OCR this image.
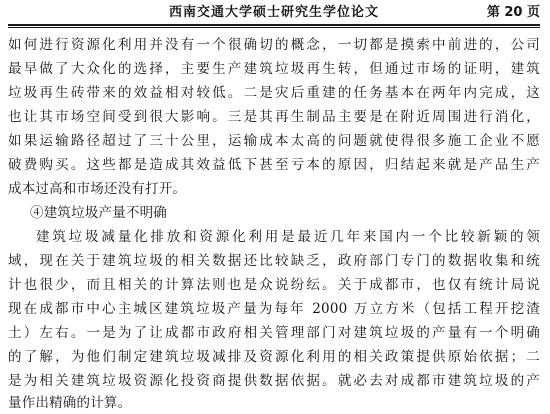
西南交通大学硕士研究生学位论文	第 20 页
如何进行资源化利用并没有一个很确切的概念，一切都是摸索中前进的，公司
最早做了大众化的选择，主要生产建筑垃圾再生转，但通过市场的证明，建筑
垃圾再生砖带来的效益相对较低。二是灾后重建的任务基本在两年内完成，这
也让其市场空间受到很大影响。三是其再生制品主要是在附近周围进行消化，
如果运输路径超过了三十公里，运输成本太高的问题就使得很多施工企业不愿
破费购买。这些都是造成其效益低下甚至亏本的原因，归结起来就是产品生产
成本过高和市场还没有打开。
④建筑垃圾产量不明确
建筑垃圾减量化排放和资源化利用是最近几年来国内一个比较新颖的领
域，现在关于建筑垃圾的相关数据还比较缺乏，政府部门专门的数据收集和统
计也很少，而且相关的计算法则也是众说纷纭。关于成都市，也仅有统计局说
现在成都市中心主城区建筑垃圾产量为每年 2000 万立方米（包括工程开挖渣
土）左右。一是为了让成都市政府相关管理部门对建筑垃圾的产量有一个明确
的了解，为他们制定建筑垃圾减排及资源化利用的相关政策提供原始依据；二
是为相关建筑垃圾资源化投资商提供数据依据。就必去对成都市建筑垃圾的产
量作出精确的计算。
